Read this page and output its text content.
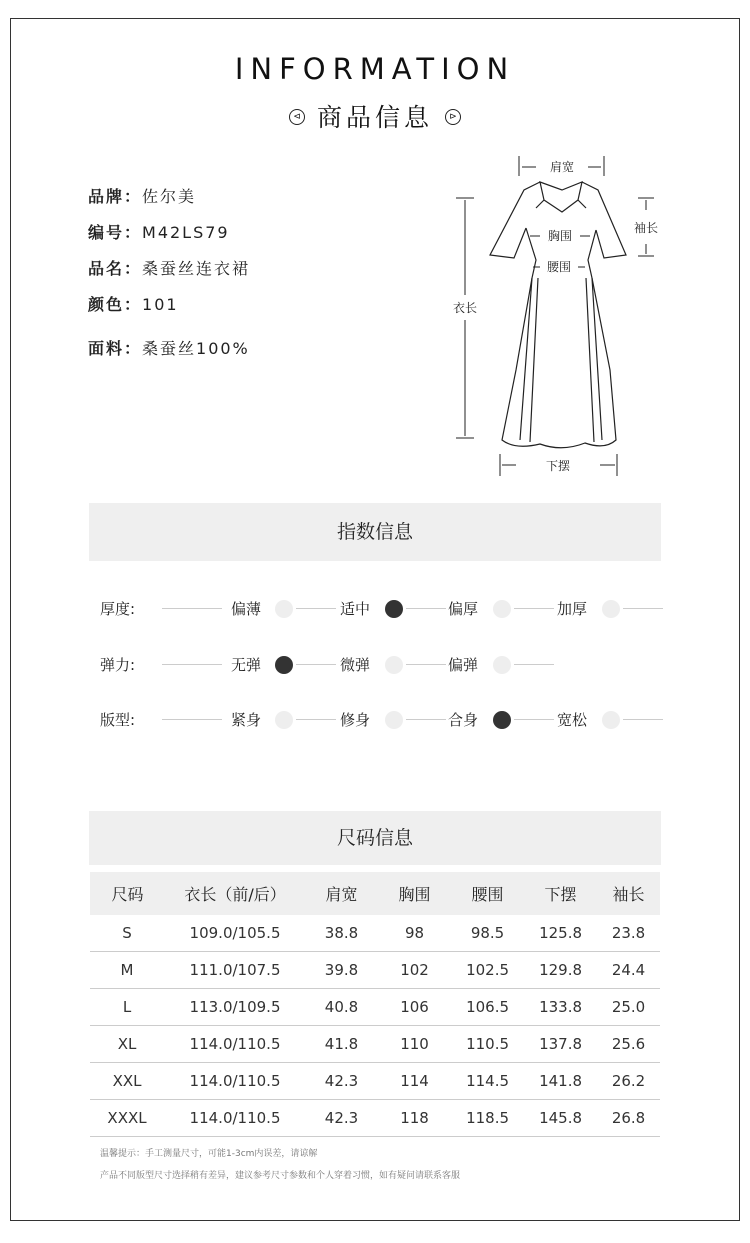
INFORMATION
⊲ 商品信息 ⊳
品牌：佐尔美
编号：M42LS79
品名：桑蚕丝连衣裙
颜色：101
面料：桑蚕丝100%
肩宽
袖长
胸围
腰围
衣长
下摆
指数信息
厚度:	偏薄	适中	偏厚	加厚
弹力:	无弹	微弹	偏弹
版型:	紧身	修身	合身	宽松
尺码信息
尺码	衣长（前/后）	肩宽	胸围	腰围	下摆	袖长
S	109.0/105.5	38.8	98	98.5	125.8	23.8
M	111.0/107.5	39.8	102	102.5	129.8	24.4
L	113.0/109.5	40.8	106	106.5	133.8	25.0
XL	114.0/110.5	41.8	110	110.5	137.8	25.6
XXL	114.0/110.5	42.3	114	114.5	141.8	26.2
XXXL	114.0/110.5	42.3	118	118.5	145.8	26.8
温馨提示：手工测量尺寸，可能1-3cm内误差，请谅解
产品不同版型尺寸选择稍有差异，建议参考尺寸参数和个人穿着习惯，如有疑问请联系客服
